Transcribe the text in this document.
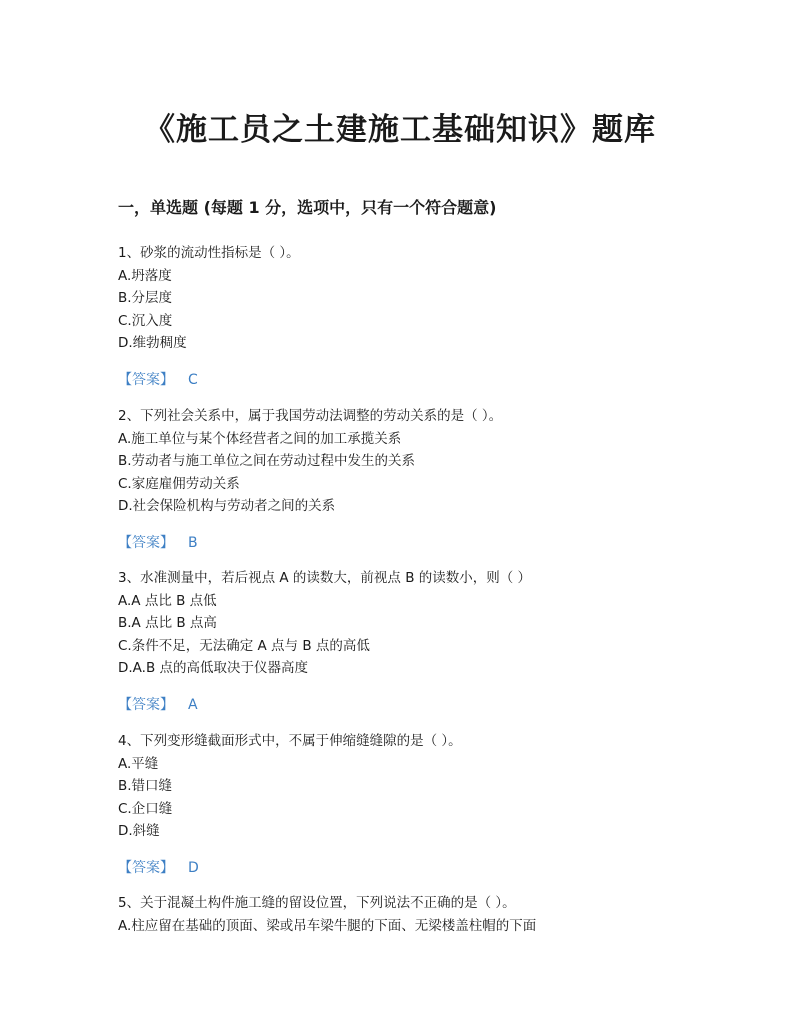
《施工员之土建施工基础知识》题库
一，单选题 (每题 1 分，选项中，只有一个符合题意)
1、砂浆的流动性指标是（ ）。
A.坍落度
B.分层度
C.沉入度
D.维勃稠度
【答案】 C
2、下列社会关系中，属于我国劳动法调整的劳动关系的是（ ）。
A.施工单位与某个体经营者之间的加工承揽关系
B.劳动者与施工单位之间在劳动过程中发生的关系
C.家庭雇佣劳动关系
D.社会保险机构与劳动者之间的关系
【答案】 B
3、水准测量中，若后视点 A 的读数大，前视点 B 的读数小，则（ ）
A.A 点比 B 点低
B.A 点比 B 点高
C.条件不足，无法确定 A 点与 B 点的高低
D.A.B 点的高低取决于仪器高度
【答案】 A
4、下列变形缝截面形式中，不属于伸缩缝缝隙的是（ ）。
A.平缝
B.错口缝
C.企口缝
D.斜缝
【答案】 D
5、关于混凝土构件施工缝的留设位置，下列说法不正确的是（ ）。
A.柱应留在基础的顶面、梁或吊车梁牛腿的下面、无梁楼盖柱帽的下面
